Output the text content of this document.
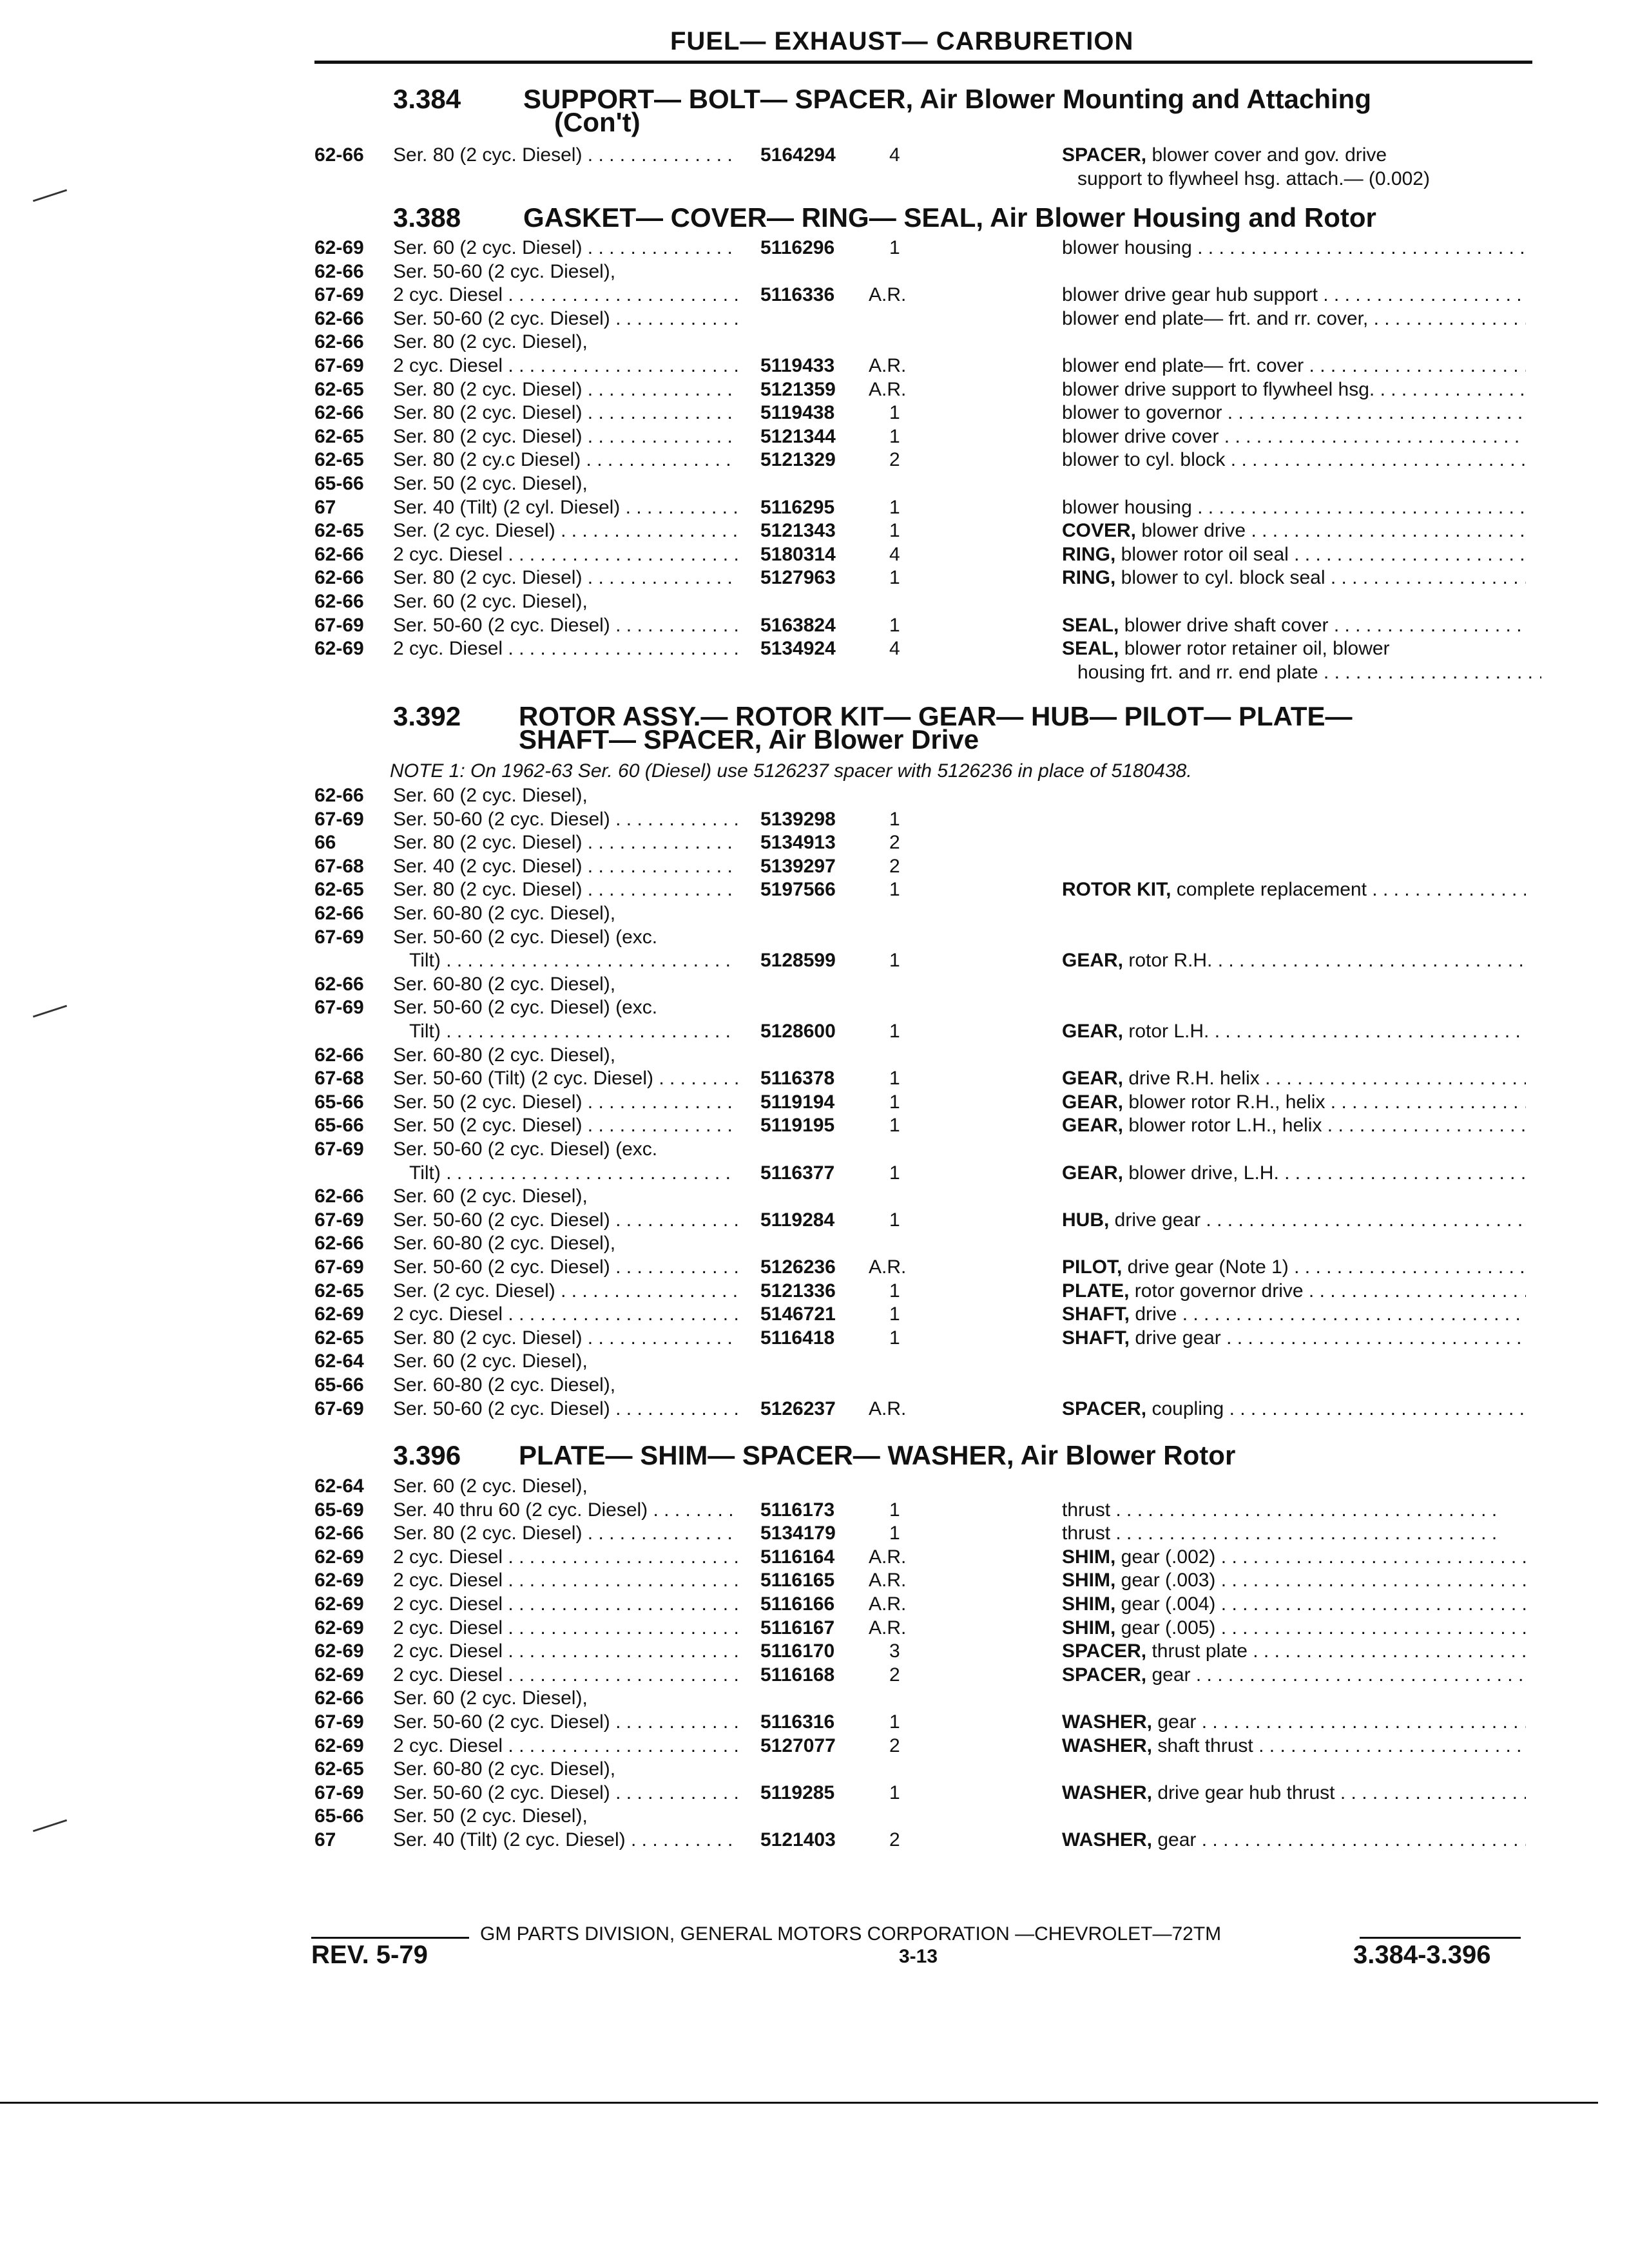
FUEL— EXHAUST— CARBURETION
3.384 SUPPORT— BOLT— SPACER, Air Blower Mounting and Attaching
(Con't)
62-66 Ser. 80 (2 cyc. Diesel) . . .	5164294	4	SPACER, blower cover and gov. drive
support to flywheel hsg. attach.— (0.002)
3.388 GASKET— COVER— RING— SEAL, Air Blower Housing and Rotor
62-69 Ser. 60 (2 cyc. Diesel) . . .	5116296	1	blower housing . . .
62-66 Ser. 50-60 (2 cyc. Diesel),
67-69 2 cyc. Diesel . . .	5116336 A.R.	blower drive gear hub support . . .
62-66 Ser. 50-60 (2 cyc. Diesel) . . .	blower end plate— frt. and rr. cover, . . .
62-66 Ser. 80 (2 cyc. Diesel),
67-69 2 cyc. Diesel . . .	5119433 A.R.	blower end plate— frt. cover . . .
62-65 Ser. 80 (2 cyc. Diesel) . . .	5121359 A.R.	blower drive support to flywheel hsg. . . .
62-66 Ser. 80 (2 cyc. Diesel) . . .	5119438	1	blower to governor . . .
62-65 Ser. 80 (2 cyc. Diesel) . . .	5121344	1	blower drive cover . . .
62-65 Ser. 80 (2 cy.c Diesel) . . .	5121329	2	blower to cyl. block . . .
65-66 Ser. 50 (2 cyc. Diesel),
67	Ser. 40 (Tilt) (2 cyl. Diesel) . . .	5116295	1	blower housing . . .
62-65 Ser. (2 cyc. Diesel) . . .	5121343	1	COVER, blower drive . . .
62-66 2 cyc. Diesel . . .	5180314	4	RING, blower rotor oil seal . . .
62-66 Ser. 80 (2 cyc. Diesel) . . .	5127963	1	RING, blower to cyl. block seal . . .
62-66 Ser. 60 (2 cyc. Diesel),
67-69 Ser. 50-60 (2 cyc. Diesel) . . .	5163824	1	SEAL, blower drive shaft cover . . .
62-69 2 cyc. Diesel . . .	5134924	4	SEAL, blower rotor retainer oil, blower
housing frt. and rr. end plate . . .
3.392 ROTOR ASSY.— ROTOR KIT— GEAR— HUB— PILOT— PLATE—
SHAFT— SPACER, Air Blower Drive
NOTE 1: On 1962-63 Ser. 60 (Diesel) use 5126237 spacer with 5126236 in place of 5180438.
62-66 Ser. 60 (2 cyc. Diesel),
67-69 Ser. 50-60 (2 cyc. Diesel) . . .	5139298	1
66	Ser. 80 (2 cyc. Diesel) . . .	5134913	2
67-68 Ser. 40 (2 cyc. Diesel) . . .	5139297	2
62-65 Ser. 80 (2 cyc. Diesel) . . .	5197566	1	ROTOR KIT, complete replacement . . .
62-66 Ser. 60-80 (2 cyc. Diesel),
67-69 Ser. 50-60 (2 cyc. Diesel) (exc.
Tilt) . . .	5128599	1	GEAR, rotor R.H. . . .
62-66 Ser. 60-80 (2 cyc. Diesel),
67-69 Ser. 50-60 (2 cyc. Diesel) (exc.
Tilt) . . .	5128600	1	GEAR, rotor L.H. . . .
62-66 Ser. 60-80 (2 cyc. Diesel),
67-68 Ser. 50-60 (Tilt) (2 cyc. Diesel) . . .	5116378	1	GEAR, drive R.H. helix . . .
65-66 Ser. 50 (2 cyc. Diesel) . . .	5119194	1	GEAR, blower rotor R.H., helix . . .
65-66 Ser. 50 (2 cyc. Diesel) . . .	5119195	1	GEAR, blower rotor L.H., helix . . .
67-69 Ser. 50-60 (2 cyc. Diesel) (exc.
Tilt) . . .	5116377	1	GEAR, blower drive, L.H. . . .
62-66 Ser. 60 (2 cyc. Diesel),
67-69 Ser. 50-60 (2 cyc. Diesel) . . .	5119284	1	HUB, drive gear . . .
62-66 Ser. 60-80 (2 cyc. Diesel),
67-69 Ser. 50-60 (2 cyc. Diesel) . . .	5126236 A.R.	PILOT, drive gear (Note 1) . . .
62-65 Ser. (2 cyc. Diesel) . . .	5121336	1	PLATE, rotor governor drive . . .
62-69 2 cyc. Diesel . . .	5146721	1	SHAFT, drive . . .
62-65 Ser. 80 (2 cyc. Diesel) . . .	5116418	1	SHAFT, drive gear . . .
62-64 Ser. 60 (2 cyc. Diesel),
65-66 Ser. 60-80 (2 cyc. Diesel),
67-69 Ser. 50-60 (2 cyc. Diesel) . . .	5126237 A.R.	SPACER, coupling . . .
3.396 PLATE— SHIM— SPACER— WASHER, Air Blower Rotor
62-64 Ser. 60 (2 cyc. Diesel),
65-69 Ser. 40 thru 60 (2 cyc. Diesel) . . .	5116173	1	thrust . . .
62-66 Ser. 80 (2 cyc. Diesel) . . .	5134179	1	thrust . . .
62-69 2 cyc. Diesel . . .	5116164 A.R.	SHIM, gear (.002) . . .
62-69 2 cyc. Diesel . . .	5116165 A.R.	SHIM, gear (.003) . . .
62-69 2 cyc. Diesel . . .	5116166 A.R.	SHIM, gear (.004) . . .
62-69 2 cyc. Diesel . . .	5116167 A.R.	SHIM, gear (.005) . . .
62-69 2 cyc. Diesel . . .	5116170	3	SPACER, thrust plate . . .
62-69 2 cyc. Diesel . . .	5116168	2	SPACER, gear . . .
62-66 Ser. 60 (2 cyc. Diesel),
67-69 Ser. 50-60 (2 cyc. Diesel) . . .	5116316	1	WASHER, gear . . .
62-69 2 cyc. Diesel . . .	5127077	2	WASHER, shaft thrust . . .
62-65 Ser. 60-80 (2 cyc. Diesel),
67-69 Ser. 50-60 (2 cyc. Diesel) . . .	5119285	1	WASHER, drive gear hub thrust . . .
65-66 Ser. 50 (2 cyc. Diesel),
67	Ser. 40 (Tilt) (2 cyc. Diesel) . . .	5121403	2	WASHER, gear . . .
GM PARTS DIVISION, GENERAL MOTORS CORPORATION —CHEVROLET—72TM
REV. 5-79	3-13	3.384-3.396
